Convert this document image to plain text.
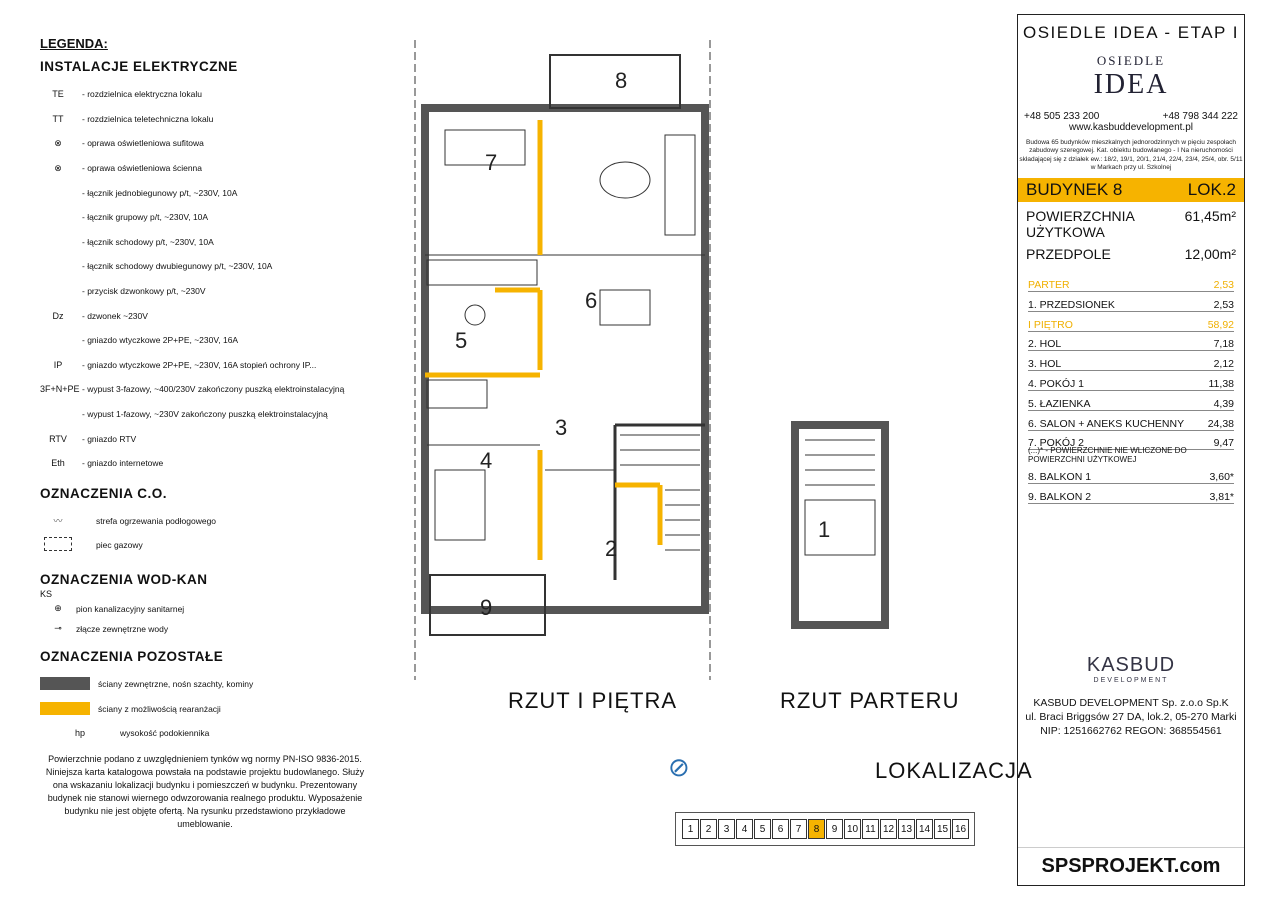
LEGENDA:
INSTALACJE ELEKTRYCZNE
TE	- rozdzielnica elektryczna lokalu
TT	- rozdzielnica teletechniczna lokalu
⊗	- oprawa oświetleniowa sufitowa
⊗	- oprawa oświetleniowa ścienna
- łącznik jednobiegunowy p/t, ~230V, 10A
- łącznik grupowy p/t, ~230V, 10A
- łącznik schodowy p/t, ~230V, 10A
- łącznik schodowy dwubiegunowy p/t, ~230V, 10A
- przycisk dzwonkowy p/t, ~230V
Dz	- dzwonek ~230V
- gniazdo wtyczkowe 2P+PE, ~230V, 16A
IP	- gniazdo wtyczkowe 2P+PE, ~230V, 16A stopień ochrony IP...
3F+N+PE - wypust 3-fazowy, ~400/230V zakończony puszką elektroinstalacyjną
- wypust 1-fazowy, ~230V zakończony puszką elektroinstalacyjną
RTV	- gniazdo RTV
Eth	- gniazdo internetowe
OZNACZENIA C.O.
〰	strefa ogrzewania podłogowego
piec gazowy
OZNACZENIA WOD-KAN
KS
⊕	pion kanalizacyjny sanitarnej
⊸	złącze zewnętrzne wody
OZNACZENIA POZOSTAŁE
ściany zewnętrzne, nośn szachty, kominy
ściany z możliwością rearanżacji
hp	wysokość podokiennika
Powierzchnie podano z uwzględnieniem tynków wg normy PN-ISO 9836-2015. Niniejsza karta katalogowa powstała na podstawie projektu budowlanego. Służy ona wskazaniu lokalizacji budynku i pomieszczeń w budynku. Prezentowany budynek nie stanowi wiernego odwzorowania realnego produktu. Wyposażenie budynku nie jest objęte ofertą. Na rysunku przedstawiono przykładowe umeblowanie.
7
6
5
4
3
2
8
9
1
RZUT I PIĘTRA	RZUT PARTERU
⊘	LOKALIZACJA
1	2	3	4	5	6	7	8	9 10 11 12 13 14 15 16
OSIEDLE IDEA - ETAP I
OSIEDLE
IDEA
+48 505 233 200	+48 798 344 222
www.kasbuddevelopment.pl
Budowa 65 budynków mieszkalnych jednorodzinnych w pięciu zespołach zabudowy szeregowej. Kat. obiektu budowlanego - I Na nieruchomości składającej się z działek ew.: 18/2, 19/1, 20/1, 21/4, 22/4, 23/4, 25/4, obr. 5/11 w Markach przy ul. Szkolnej
BUDYNEK 8	LOK.2
POWIERZCHNIA UŻYTKOWA
61,45m²
PRZEDPOLE	12,00m²
PARTER	2,53
1. PRZEDSIONEK	2,53
I PIĘTRO	58,92
2. HOL	7,18
3. HOL	2,12
4. POKÓJ 1	11,38
5. ŁAZIENKA	4,39
6. SALON + ANEKS KUCHENNY	24,38
7. POKÓJ 2	9,47
(...)* - POWIERZCHNIE NIE WLICZONE DO POWIERZCHNI UŻYTKOWEJ
8. BALKON 1	3,60*
9. BALKON 2	3,81*
KASBUD
DEVELOPMENT
KASBUD DEVELOPMENT Sp. z.o.o Sp.K
ul. Braci Briggsów 27 DA, lok.2, 05-270 Marki
NIP: 1251662762 REGON: 368554561
SPSPROJEKT.com
